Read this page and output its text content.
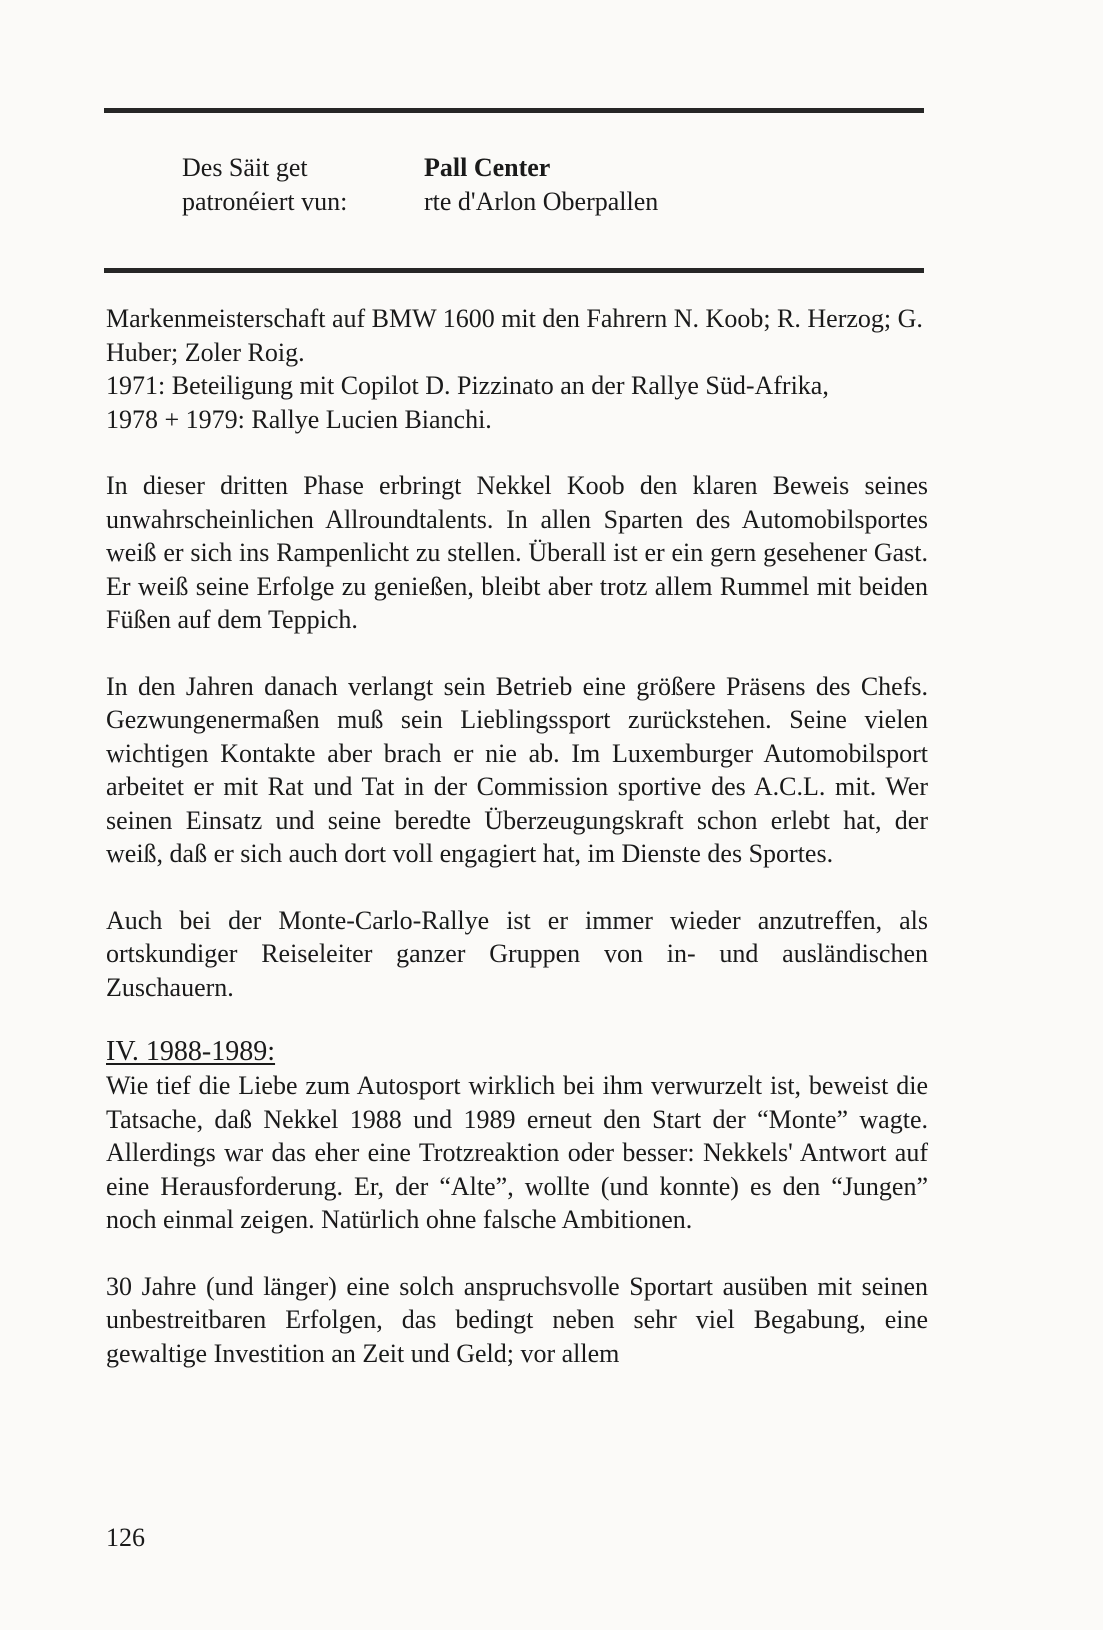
Des Säit get	Pall Center
patronéiert vun:	rte d'Arlon Oberpallen

Markenmeisterschaft auf BMW 1600 mit den Fahrern N. Koob; R. Herzog; G. Huber; Zoler Roig.
1971: Beteiligung mit Copilot D. Pizzinato an der Rallye Süd-Afrika,
1978 + 1979: Rallye Lucien Bianchi.

In dieser dritten Phase erbringt Nekkel Koob den klaren Beweis seines unwahrscheinlichen Allroundtalents. In allen Sparten des Automobilsportes weiß er sich ins Rampenlicht zu stellen. Überall ist er ein gern gesehener Gast. Er weiß seine Erfolge zu genießen, bleibt aber trotz allem Rummel mit beiden Füßen auf dem Teppich.

In den Jahren danach verlangt sein Betrieb eine größere Präsens des Chefs. Gezwungenermaßen muß sein Lieblingssport zurückstehen. Seine vielen wichtigen Kontakte aber brach er nie ab. Im Luxemburger Automobilsport arbeitet er mit Rat und Tat in der Commission sportive des A.C.L. mit. Wer seinen Einsatz und seine beredte Überzeugungskraft schon erlebt hat, der weiß, daß er sich auch dort voll engagiert hat, im Dienste des Sportes.

Auch bei der Monte-Carlo-Rallye ist er immer wieder anzutreffen, als ortskundiger Reiseleiter ganzer Gruppen von in- und ausländischen Zuschauern.

IV. 1988-1989:

Wie tief die Liebe zum Autosport wirklich bei ihm verwurzelt ist, beweist die Tatsache, daß Nekkel 1988 und 1989 erneut den Start der “Monte” wagte. Allerdings war das eher eine Trotzreaktion oder besser: Nekkels' Antwort auf eine Herausforderung. Er, der “Alte”, wollte (und konnte) es den “Jungen” noch einmal zeigen. Natürlich ohne falsche Ambitionen.

30 Jahre (und länger) eine solch anspruchsvolle Sportart ausüben mit seinen unbestreitbaren Erfolgen, das bedingt neben sehr viel Begabung, eine gewaltige Investition an Zeit und Geld; vor allem

126
